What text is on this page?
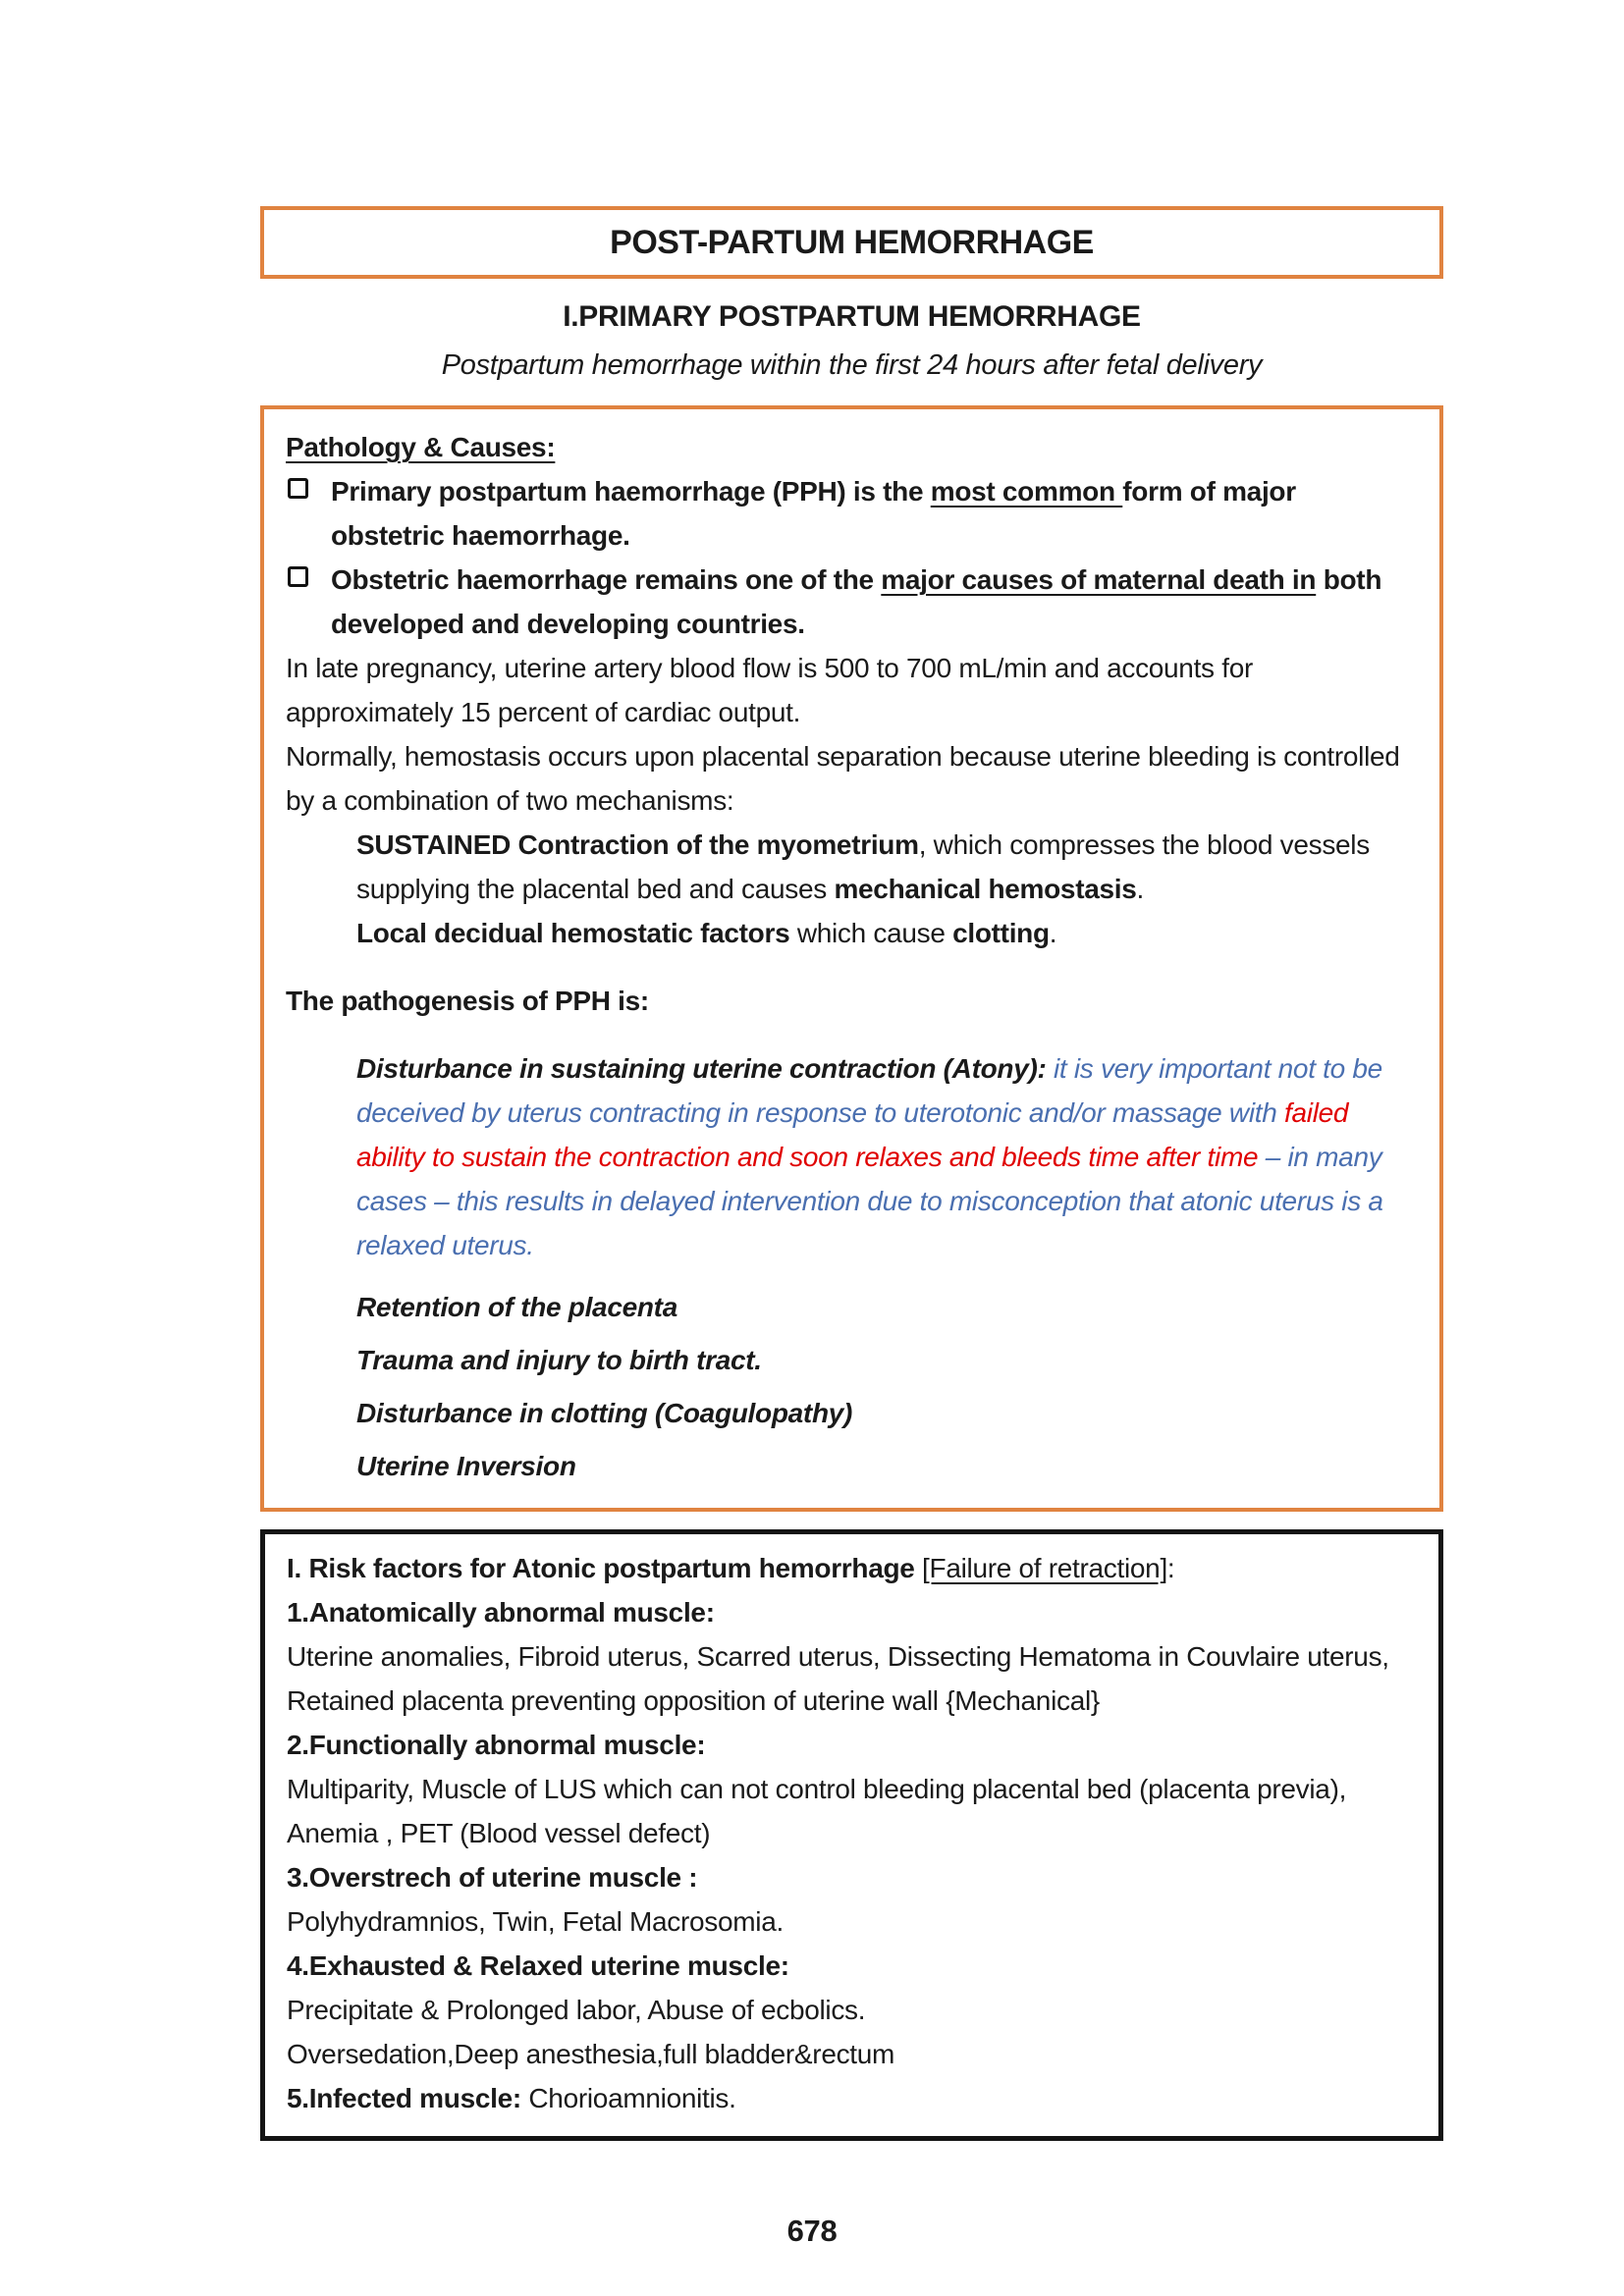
POST-PARTUM HEMORRHAGE
I.PRIMARY POSTPARTUM HEMORRHAGE
Postpartum hemorrhage within the first 24 hours after fetal delivery

Pathology & Causes:

Primary postpartum haemorrhage (PPH) is the most common form of major obstetric haemorrhage.

Obstetric haemorrhage remains one of the major causes of maternal death in both developed and developing countries.

In late pregnancy, uterine artery blood flow is 500 to 700 mL/min and accounts for approximately 15 percent of cardiac output.

Normally, hemostasis occurs upon placental separation because uterine bleeding is controlled by a combination of two mechanisms:

SUSTAINED Contraction of the myometrium, which compresses the blood vessels supplying the placental bed and causes mechanical hemostasis.

Local decidual hemostatic factors which cause clotting.

The pathogenesis of PPH is:

Disturbance in sustaining uterine contraction (Atony): it is very important not to be deceived by uterus contracting in response to uterotonic and/or massage with failed ability to sustain the contraction and soon relaxes and bleeds time after time – in many cases – this results in delayed intervention due to misconception that atonic uterus is a relaxed uterus.

Retention of the placenta

Trauma and injury to birth tract.

Disturbance in clotting (Coagulopathy)

Uterine Inversion

I. Risk factors for Atonic postpartum hemorrhage [Failure of retraction]:

1.Anatomically abnormal muscle:

Uterine anomalies, Fibroid uterus, Scarred uterus, Dissecting Hematoma in Couvlaire uterus, Retained placenta preventing opposition of uterine wall {Mechanical}

2.Functionally abnormal muscle:

Multiparity, Muscle of LUS which can not control bleeding placental bed (placenta previa), Anemia , PET (Blood vessel defect)

3.Overstrech of uterine muscle :

Polyhydramnios, Twin, Fetal Macrosomia.

4.Exhausted & Relaxed uterine muscle:

Precipitate & Prolonged labor, Abuse of ecbolics.

Oversedation,Deep anesthesia,full bladder&rectum

5.Infected muscle: Chorioamnionitis.

678
